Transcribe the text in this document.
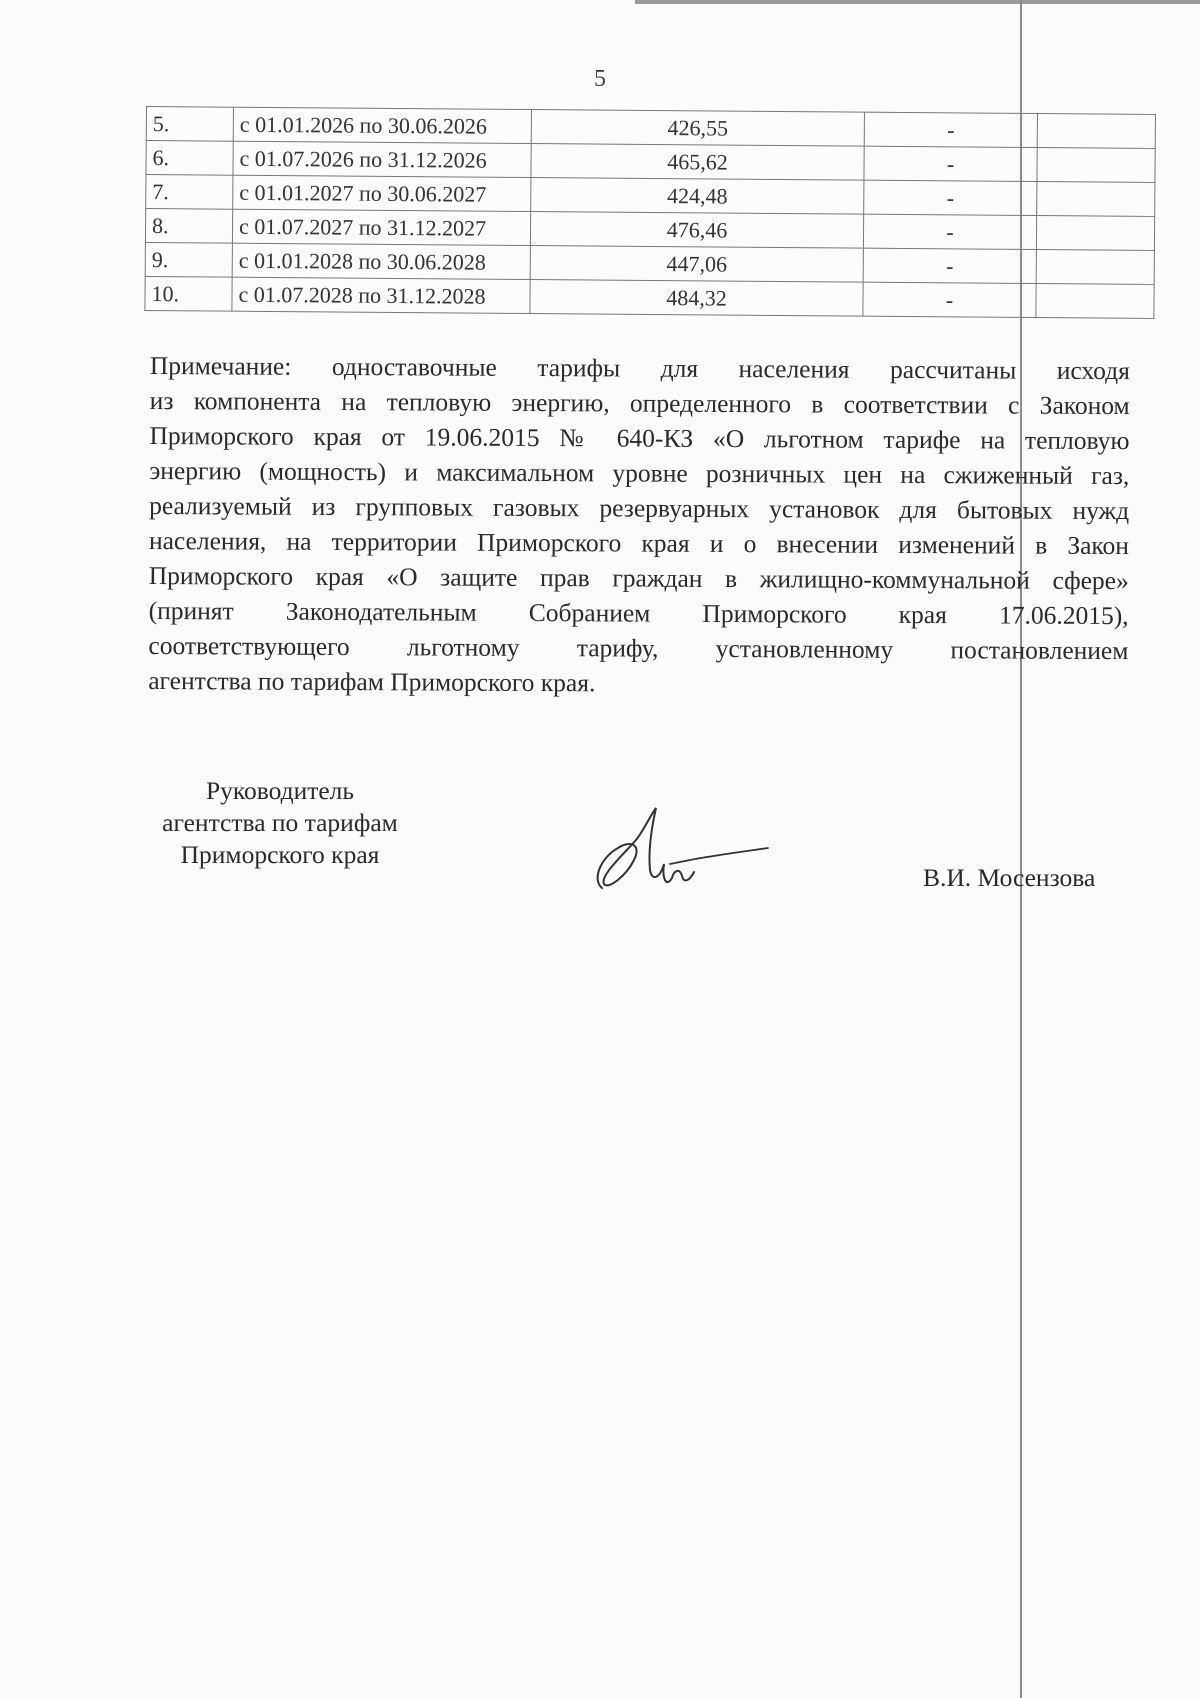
5
5.	с 01.01.2026 по 30.06.2026	426,55	-	
6.	с 01.07.2026 по 31.12.2026	465,62	-	
7.	с 01.01.2027 по 30.06.2027	424,48	-	
8.	с 01.07.2027 по 31.12.2027	476,46	-	
9.	с 01.01.2028 по 30.06.2028	447,06	-	
10.	с 01.07.2028 по 31.12.2028	484,32	-	
Примечание: одноставочные тарифы для населения рассчитаны исходя
из компонента на тепловую энергию, определенного в соответствии с Законом
Приморского края от 19.06.2015 № 640-КЗ «О льготном тарифе на тепловую
энергию (мощность) и максимальном уровне розничных цен на сжиженный газ,
реализуемый из групповых газовых резервуарных установок для бытовых нужд
населения, на территории Приморского края и о внесении изменений в Закон
Приморского края «О защите прав граждан в жилищно-коммунальной сфере»
(принят Законодательным Собранием Приморского края 17.06.2015),
соответствующего льготному тарифу, установленному постановлением
агентства по тарифам Приморского края.
Руководитель
агентства по тарифам
Приморского края
В.И. Мосензова
